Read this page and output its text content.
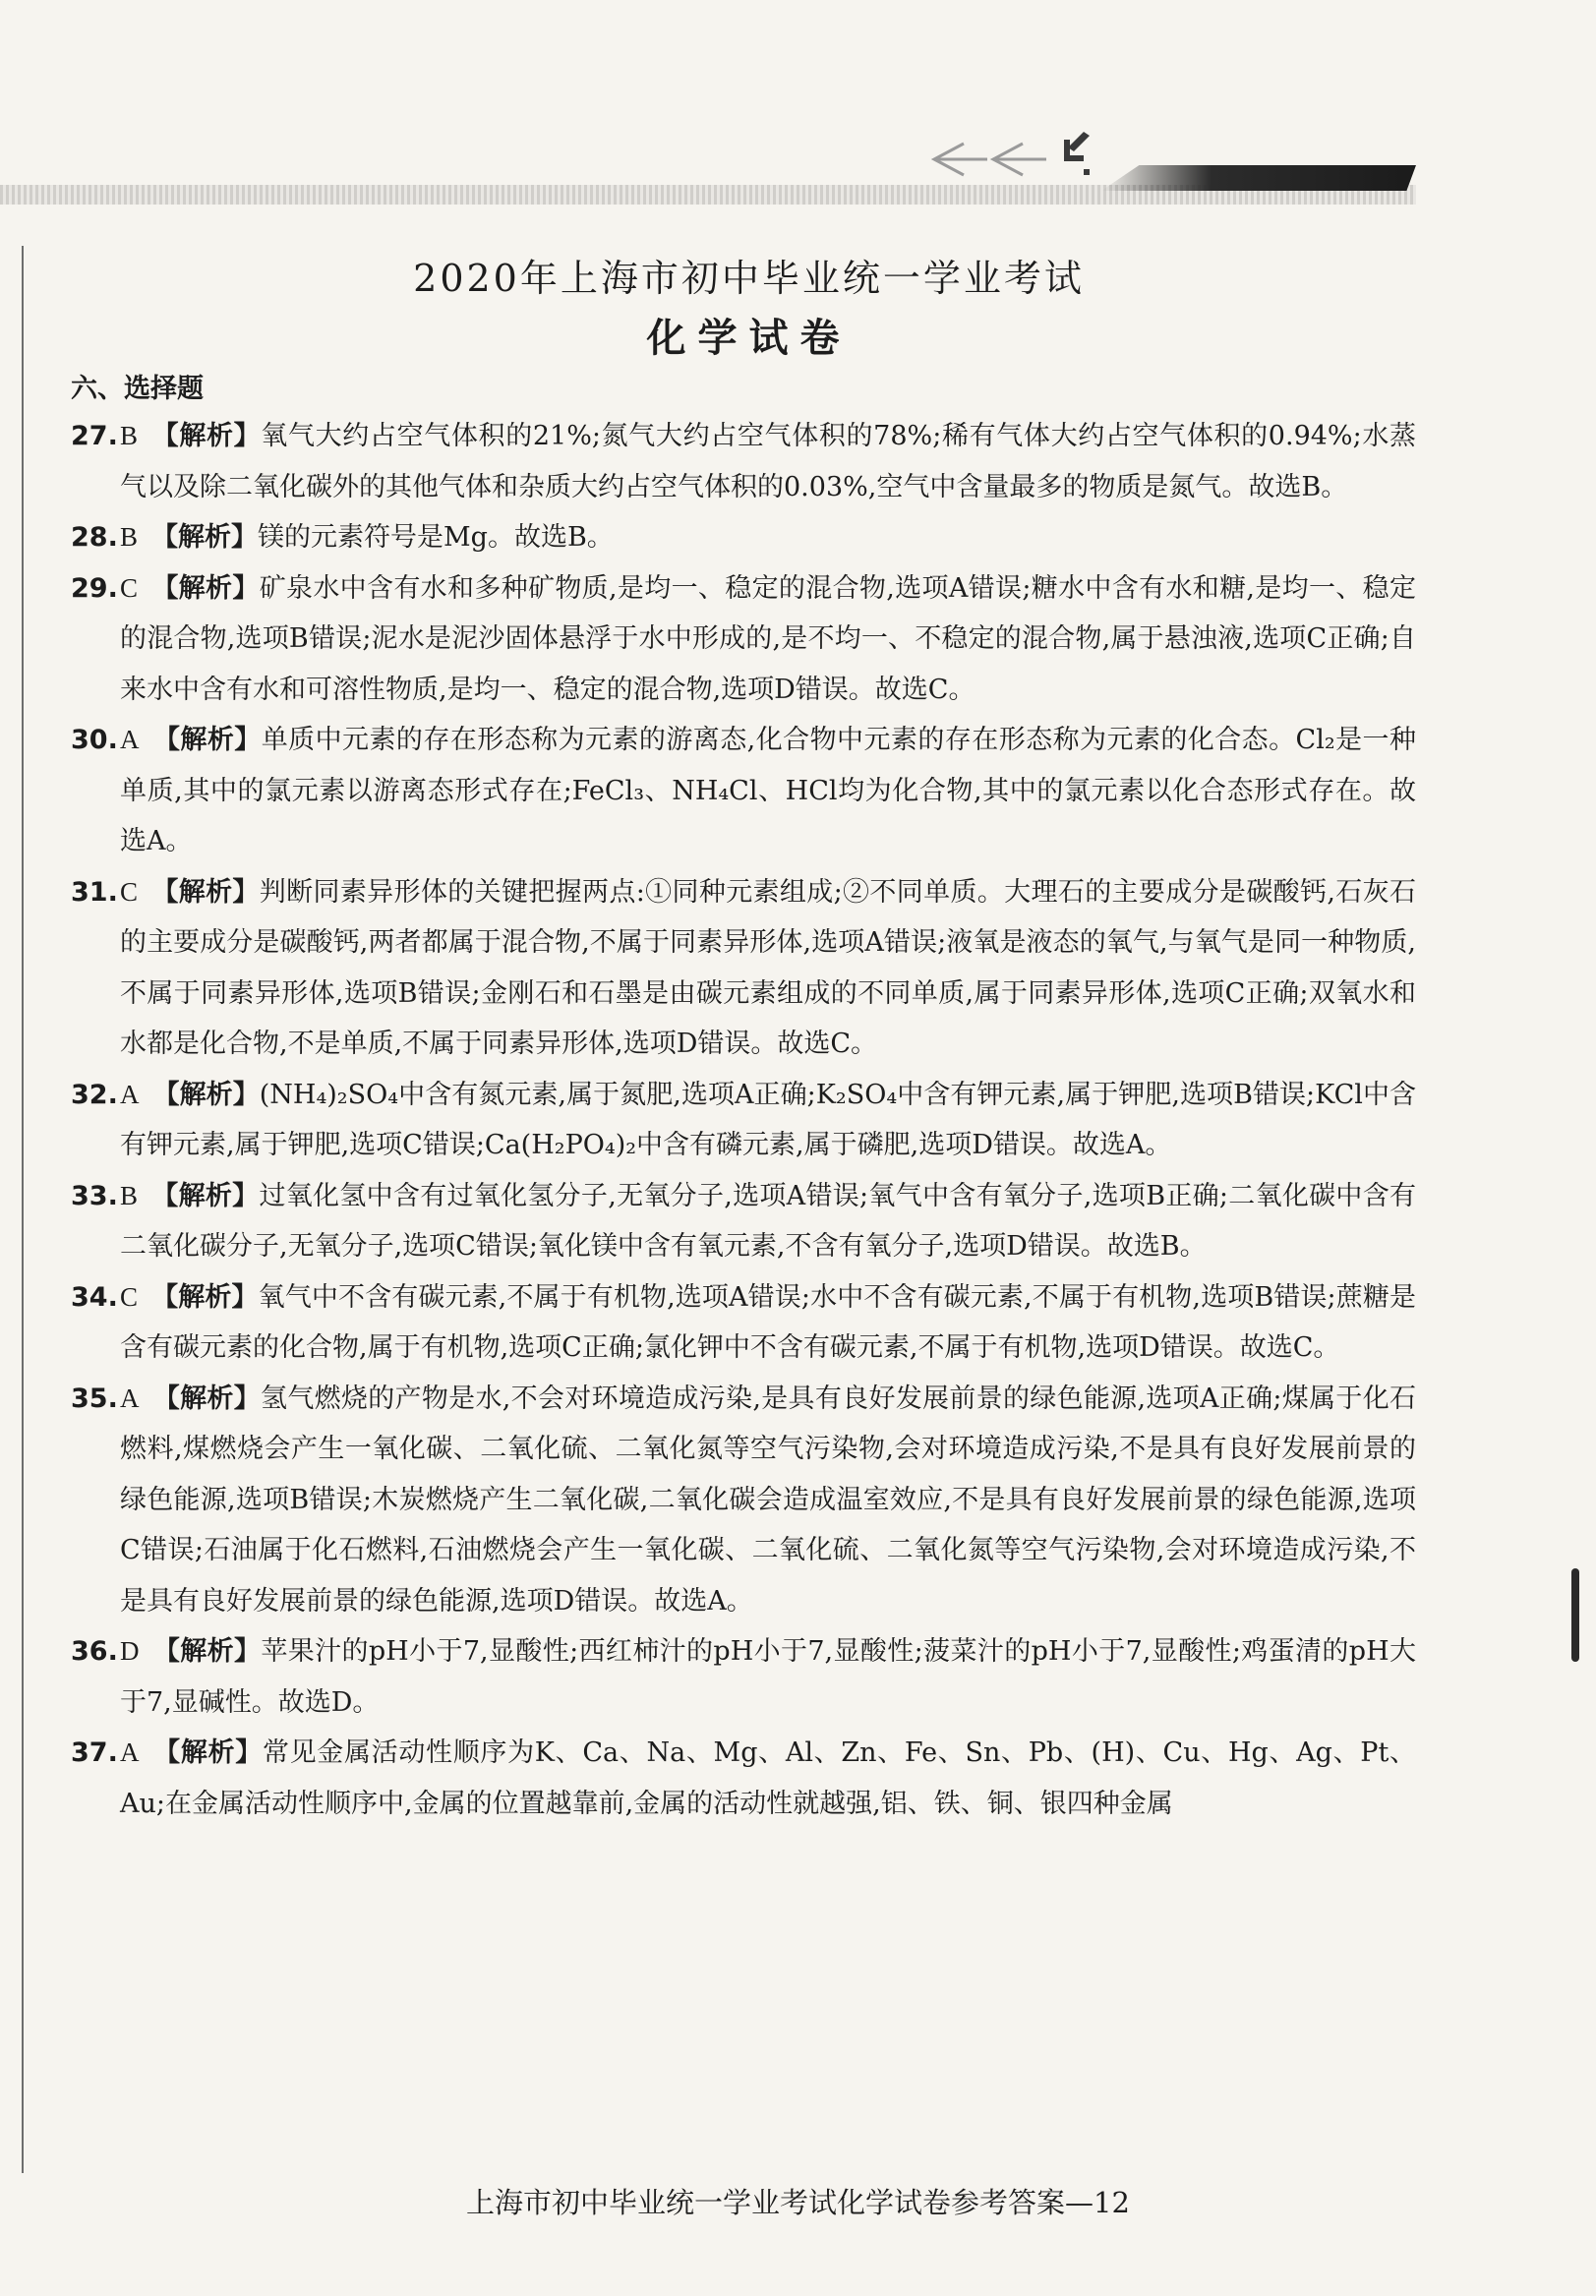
2020年上海市初中毕业统一学业考试
化学试卷

六、选择题

27. B 【解析】氧气大约占空气体积的21%;氮气大约占空气体积的78%;稀有气体大约占空气体积的0.94%;水蒸气以及除二氧化碳外的其他气体和杂质大约占空气体积的0.03%,空气中含量最多的物质是氮气。故选B。

28. B 【解析】镁的元素符号是Mg。故选B。

29. C 【解析】矿泉水中含有水和多种矿物质,是均一、稳定的混合物,选项A错误;糖水中含有水和糖,是均一、稳定的混合物,选项B错误;泥水是泥沙固体悬浮于水中形成的,是不均一、不稳定的混合物,属于悬浊液,选项C正确;自来水中含有水和可溶性物质,是均一、稳定的混合物,选项D错误。故选C。

30. A 【解析】单质中元素的存在形态称为元素的游离态,化合物中元素的存在形态称为元素的化合态。Cl₂是一种单质,其中的氯元素以游离态形式存在;FeCl₃、NH₄Cl、HCl均为化合物,其中的氯元素以化合态形式存在。故选A。

31. C 【解析】判断同素异形体的关键把握两点:①同种元素组成;②不同单质。大理石的主要成分是碳酸钙,石灰石的主要成分是碳酸钙,两者都属于混合物,不属于同素异形体,选项A错误;液氧是液态的氧气,与氧气是同一种物质,不属于同素异形体,选项B错误;金刚石和石墨是由碳元素组成的不同单质,属于同素异形体,选项C正确;双氧水和水都是化合物,不是单质,不属于同素异形体,选项D错误。故选C。

32. A 【解析】(NH₄)₂SO₄中含有氮元素,属于氮肥,选项A正确;K₂SO₄中含有钾元素,属于钾肥,选项B错误;KCl中含有钾元素,属于钾肥,选项C错误;Ca(H₂PO₄)₂中含有磷元素,属于磷肥,选项D错误。故选A。

33. B 【解析】过氧化氢中含有过氧化氢分子,无氧分子,选项A错误;氧气中含有氧分子,选项B正确;二氧化碳中含有二氧化碳分子,无氧分子,选项C错误;氧化镁中含有氧元素,不含有氧分子,选项D错误。故选B。

34. C 【解析】氧气中不含有碳元素,不属于有机物,选项A错误;水中不含有碳元素,不属于有机物,选项B错误;蔗糖是含有碳元素的化合物,属于有机物,选项C正确;氯化钾中不含有碳元素,不属于有机物,选项D错误。故选C。

35. A 【解析】氢气燃烧的产物是水,不会对环境造成污染,是具有良好发展前景的绿色能源,选项A正确;煤属于化石燃料,煤燃烧会产生一氧化碳、二氧化硫、二氧化氮等空气污染物,会对环境造成污染,不是具有良好发展前景的绿色能源,选项B错误;木炭燃烧产生二氧化碳,二氧化碳会造成温室效应,不是具有良好发展前景的绿色能源,选项C错误;石油属于化石燃料,石油燃烧会产生一氧化碳、二氧化硫、二氧化氮等空气污染物,会对环境造成污染,不是具有良好发展前景的绿色能源,选项D错误。故选A。

36. D 【解析】苹果汁的pH小于7,显酸性;西红柿汁的pH小于7,显酸性;菠菜汁的pH小于7,显酸性;鸡蛋清的pH大于7,显碱性。故选D。

37. A 【解析】常见金属活动性顺序为K、Ca、Na、Mg、Al、Zn、Fe、Sn、Pb、(H)、Cu、Hg、Ag、Pt、Au;在金属活动性顺序中,金属的位置越靠前,金属的活动性就越强,铝、铁、铜、银四种金属

上海市初中毕业统一学业考试化学试卷参考答案—12
